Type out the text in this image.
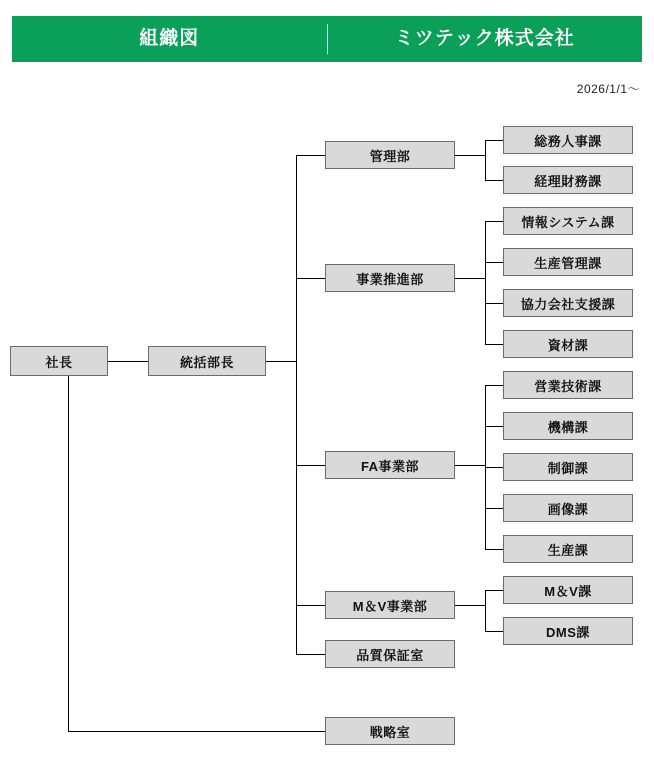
組織図	ミツテック株式会社
2026/1/1〜
社長	統括部長
管理部
事業推進部
FA事業部
M＆V事業部
品質保証室
戦略室
総務人事課
経理財務課
情報システム課
生産管理課
協力会社支援課
資材課
営業技術課
機構課
制御課
画像課
生産課
M＆V課
DMS課
